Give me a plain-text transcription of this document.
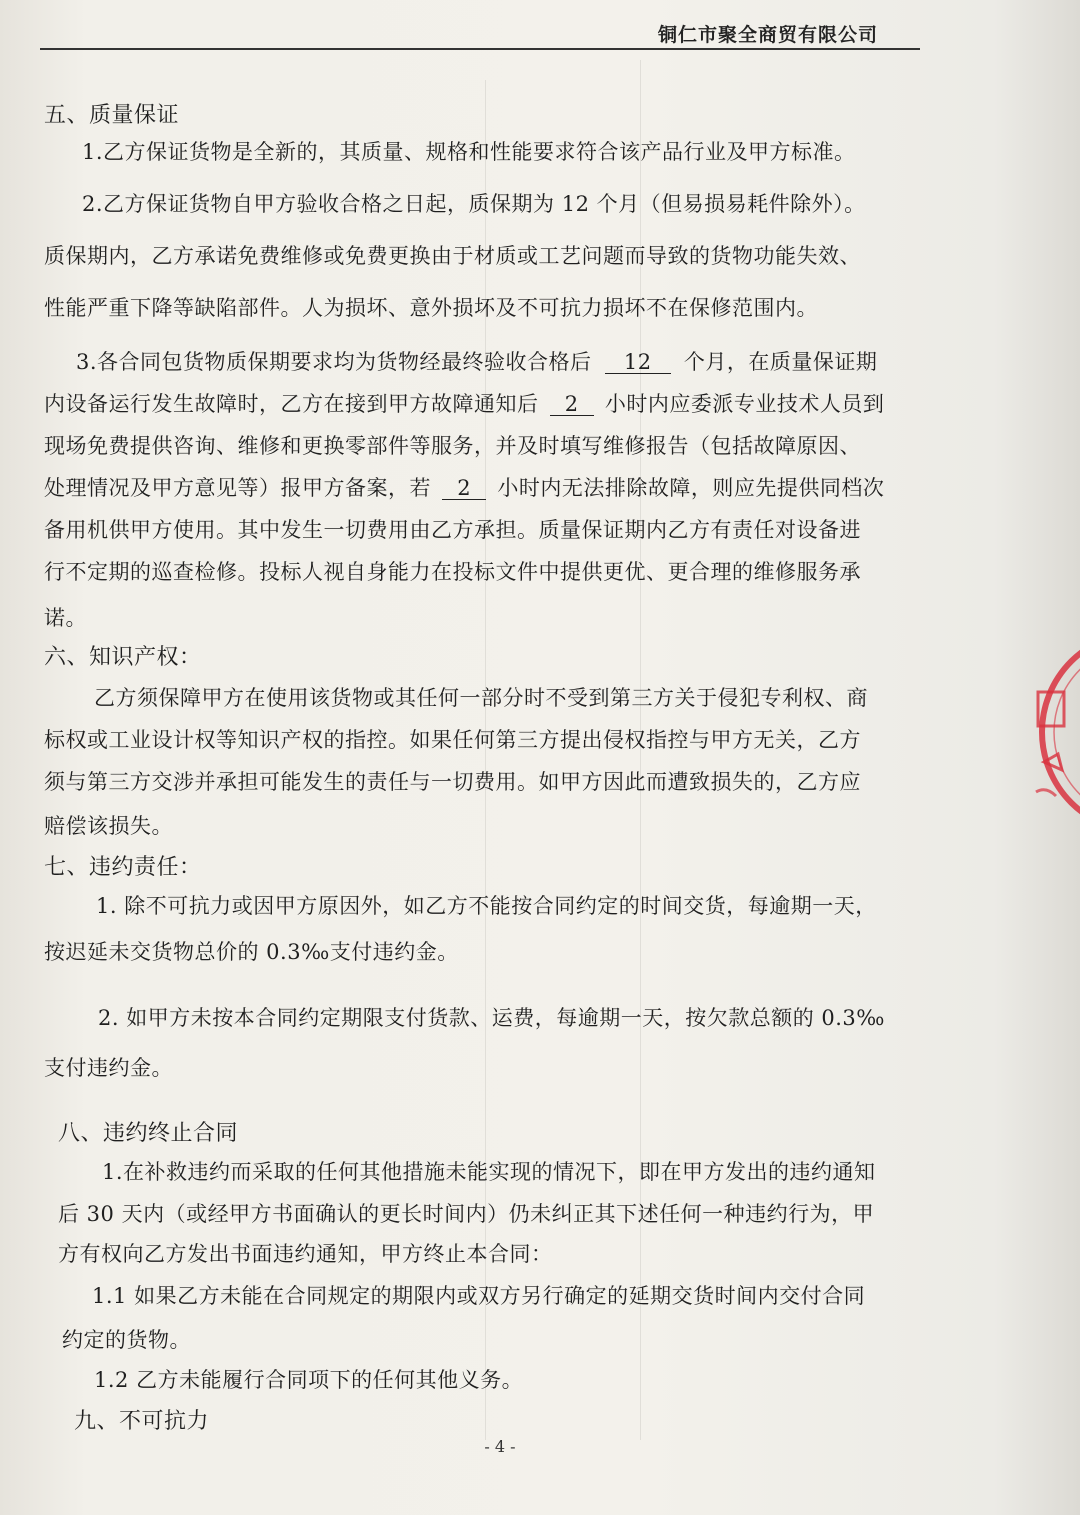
铜仁市聚全商贸有限公司
五、质量保证
1.乙方保证货物是全新的，其质量、规格和性能要求符合该产品行业及甲方标准。
2.乙方保证货物自甲方验收合格之日起，质保期为 12 个月（但易损易耗件除外）。
质保期内，乙方承诺免费维修或免费更换由于材质或工艺问题而导致的货物功能失效、
性能严重下降等缺陷部件。人为损坏、意外损坏及不可抗力损坏不在保修范围内。
3.各合同包货物质保期要求均为货物经最终验收合格后 12 个月，在质量保证期
内设备运行发生故障时，乙方在接到甲方故障通知后 2 小时内应委派专业技术人员到
现场免费提供咨询、维修和更换零部件等服务，并及时填写维修报告（包括故障原因、
处理情况及甲方意见等）报甲方备案，若 2 小时内无法排除故障，则应先提供同档次
备用机供甲方使用。其中发生一切费用由乙方承担。质量保证期内乙方有责任对设备进
行不定期的巡查检修。投标人视自身能力在投标文件中提供更优、更合理的维修服务承
诺。
六、知识产权：
乙方须保障甲方在使用该货物或其任何一部分时不受到第三方关于侵犯专利权、商
标权或工业设计权等知识产权的指控。如果任何第三方提出侵权指控与甲方无关，乙方
须与第三方交涉并承担可能发生的责任与一切费用。如甲方因此而遭致损失的，乙方应
赔偿该损失。
七、违约责任：
1. 除不可抗力或因甲方原因外，如乙方不能按合同约定的时间交货，每逾期一天，
按迟延未交货物总价的 0.3‰支付违约金。
2. 如甲方未按本合同约定期限支付货款、运费，每逾期一天，按欠款总额的 0.3‰
支付违约金。
八、违约终止合同
1.在补救违约而采取的任何其他措施未能实现的情况下，即在甲方发出的违约通知
后 30 天内（或经甲方书面确认的更长时间内）仍未纠正其下述任何一种违约行为，甲
方有权向乙方发出书面违约通知，甲方终止本合同：
1.1 如果乙方未能在合同规定的期限内或双方另行确定的延期交货时间内交付合同
约定的货物。
1.2 乙方未能履行合同项下的任何其他义务。
九、不可抗力
- 4 -
